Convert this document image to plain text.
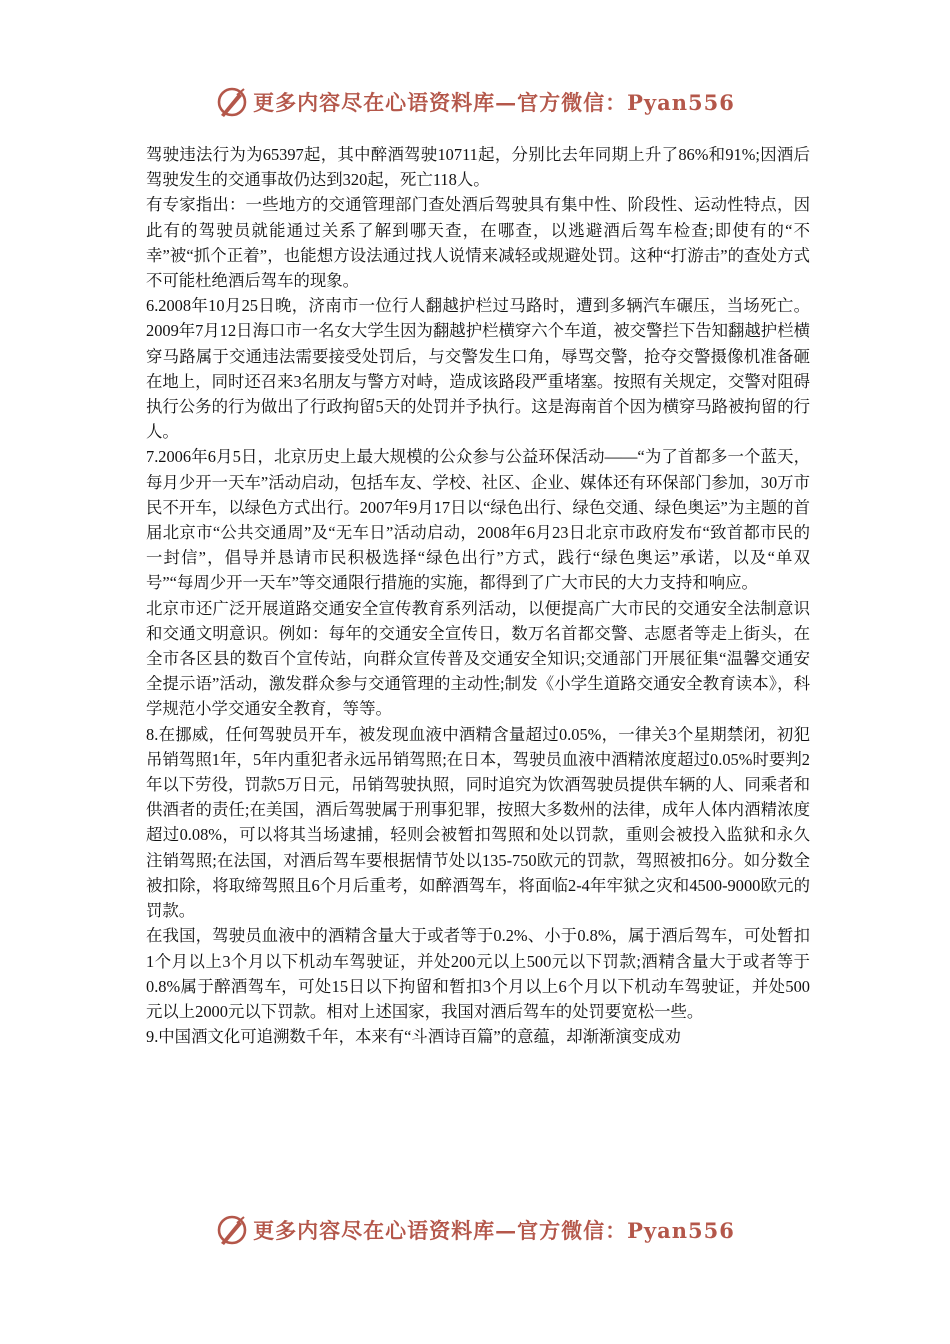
更多内容尽在心语资料库—官方微信：Pyan556

驾驶违法行为为65397起，其中醉酒驾驶10711起，分别比去年同期上升了86%和91%;因酒后驾驶发生的交通事故仍达到320起，死亡118人。

有专家指出：一些地方的交通管理部门查处酒后驾驶具有集中性、阶段性、运动性特点，因此有的驾驶员就能通过关系了解到哪天查，在哪查，以逃避酒后驾车检查;即使有的“不幸”被“抓个正着”，也能想方设法通过找人说情来减轻或规避处罚。这种“打游击”的查处方式不可能杜绝酒后驾车的现象。

6.2008年10月25日晚，济南市一位行人翻越护栏过马路时，遭到多辆汽车碾压，当场死亡。2009年7月12日海口市一名女大学生因为翻越护栏横穿六个车道，被交警拦下告知翻越护栏横穿马路属于交通违法需要接受处罚后，与交警发生口角，辱骂交警，抢夺交警摄像机准备砸在地上，同时还召来3名朋友与警方对峙，造成该路段严重堵塞。按照有关规定，交警对阻碍执行公务的行为做出了行政拘留5天的处罚并予执行。这是海南首个因为横穿马路被拘留的行人。

7.2006年6月5日，北京历史上最大规模的公众参与公益环保活动——“为了首都多一个蓝天，每月少开一天车”活动启动，包括车友、学校、社区、企业、媒体还有环保部门参加，30万市民不开车，以绿色方式出行。2007年9月17日以“绿色出行、绿色交通、绿色奥运”为主题的首届北京市“公共交通周”及“无车日”活动启动，2008年6月23日北京市政府发布“致首都市民的一封信”，倡导并恳请市民积极选择“绿色出行”方式，践行“绿色奥运”承诺，以及“单双号”“每周少开一天车”等交通限行措施的实施，都得到了广大市民的大力支持和响应。

北京市还广泛开展道路交通安全宣传教育系列活动，以便提高广大市民的交通安全法制意识和交通文明意识。例如：每年的交通安全宣传日，数万名首都交警、志愿者等走上街头，在全市各区县的数百个宣传站，向群众宣传普及交通安全知识;交通部门开展征集“温馨交通安全提示语”活动，激发群众参与交通管理的主动性;制发《小学生道路交通安全教育读本》，科学规范小学交通安全教育，等等。

8.在挪威，任何驾驶员开车，被发现血液中酒精含量超过0.05%，一律关3个星期禁闭，初犯吊销驾照1年，5年内重犯者永远吊销驾照;在日本，驾驶员血液中酒精浓度超过0.05%时要判2年以下劳役，罚款5万日元，吊销驾驶执照，同时追究为饮酒驾驶员提供车辆的人、同乘者和供酒者的责任;在美国，酒后驾驶属于刑事犯罪，按照大多数州的法律，成年人体内酒精浓度超过0.08%，可以将其当场逮捕，轻则会被暂扣驾照和处以罚款，重则会被投入监狱和永久注销驾照;在法国，对酒后驾车要根据情节处以135-750欧元的罚款，驾照被扣6分。如分数全被扣除，将取缔驾照且6个月后重考，如醉酒驾车，将面临2-4年牢狱之灾和4500-9000欧元的罚款。

在我国，驾驶员血液中的酒精含量大于或者等于0.2%、小于0.8%，属于酒后驾车，可处暂扣1个月以上3个月以下机动车驾驶证，并处200元以上500元以下罚款;酒精含量大于或者等于0.8%属于醉酒驾车，可处15日以下拘留和暂扣3个月以上6个月以下机动车驾驶证，并处500元以上2000元以下罚款。相对上述国家，我国对酒后驾车的处罚要宽松一些。

9.中国酒文化可追溯数千年，本来有“斗酒诗百篇”的意蕴，却渐渐演变成劝

更多内容尽在心语资料库—官方微信：Pyan556
